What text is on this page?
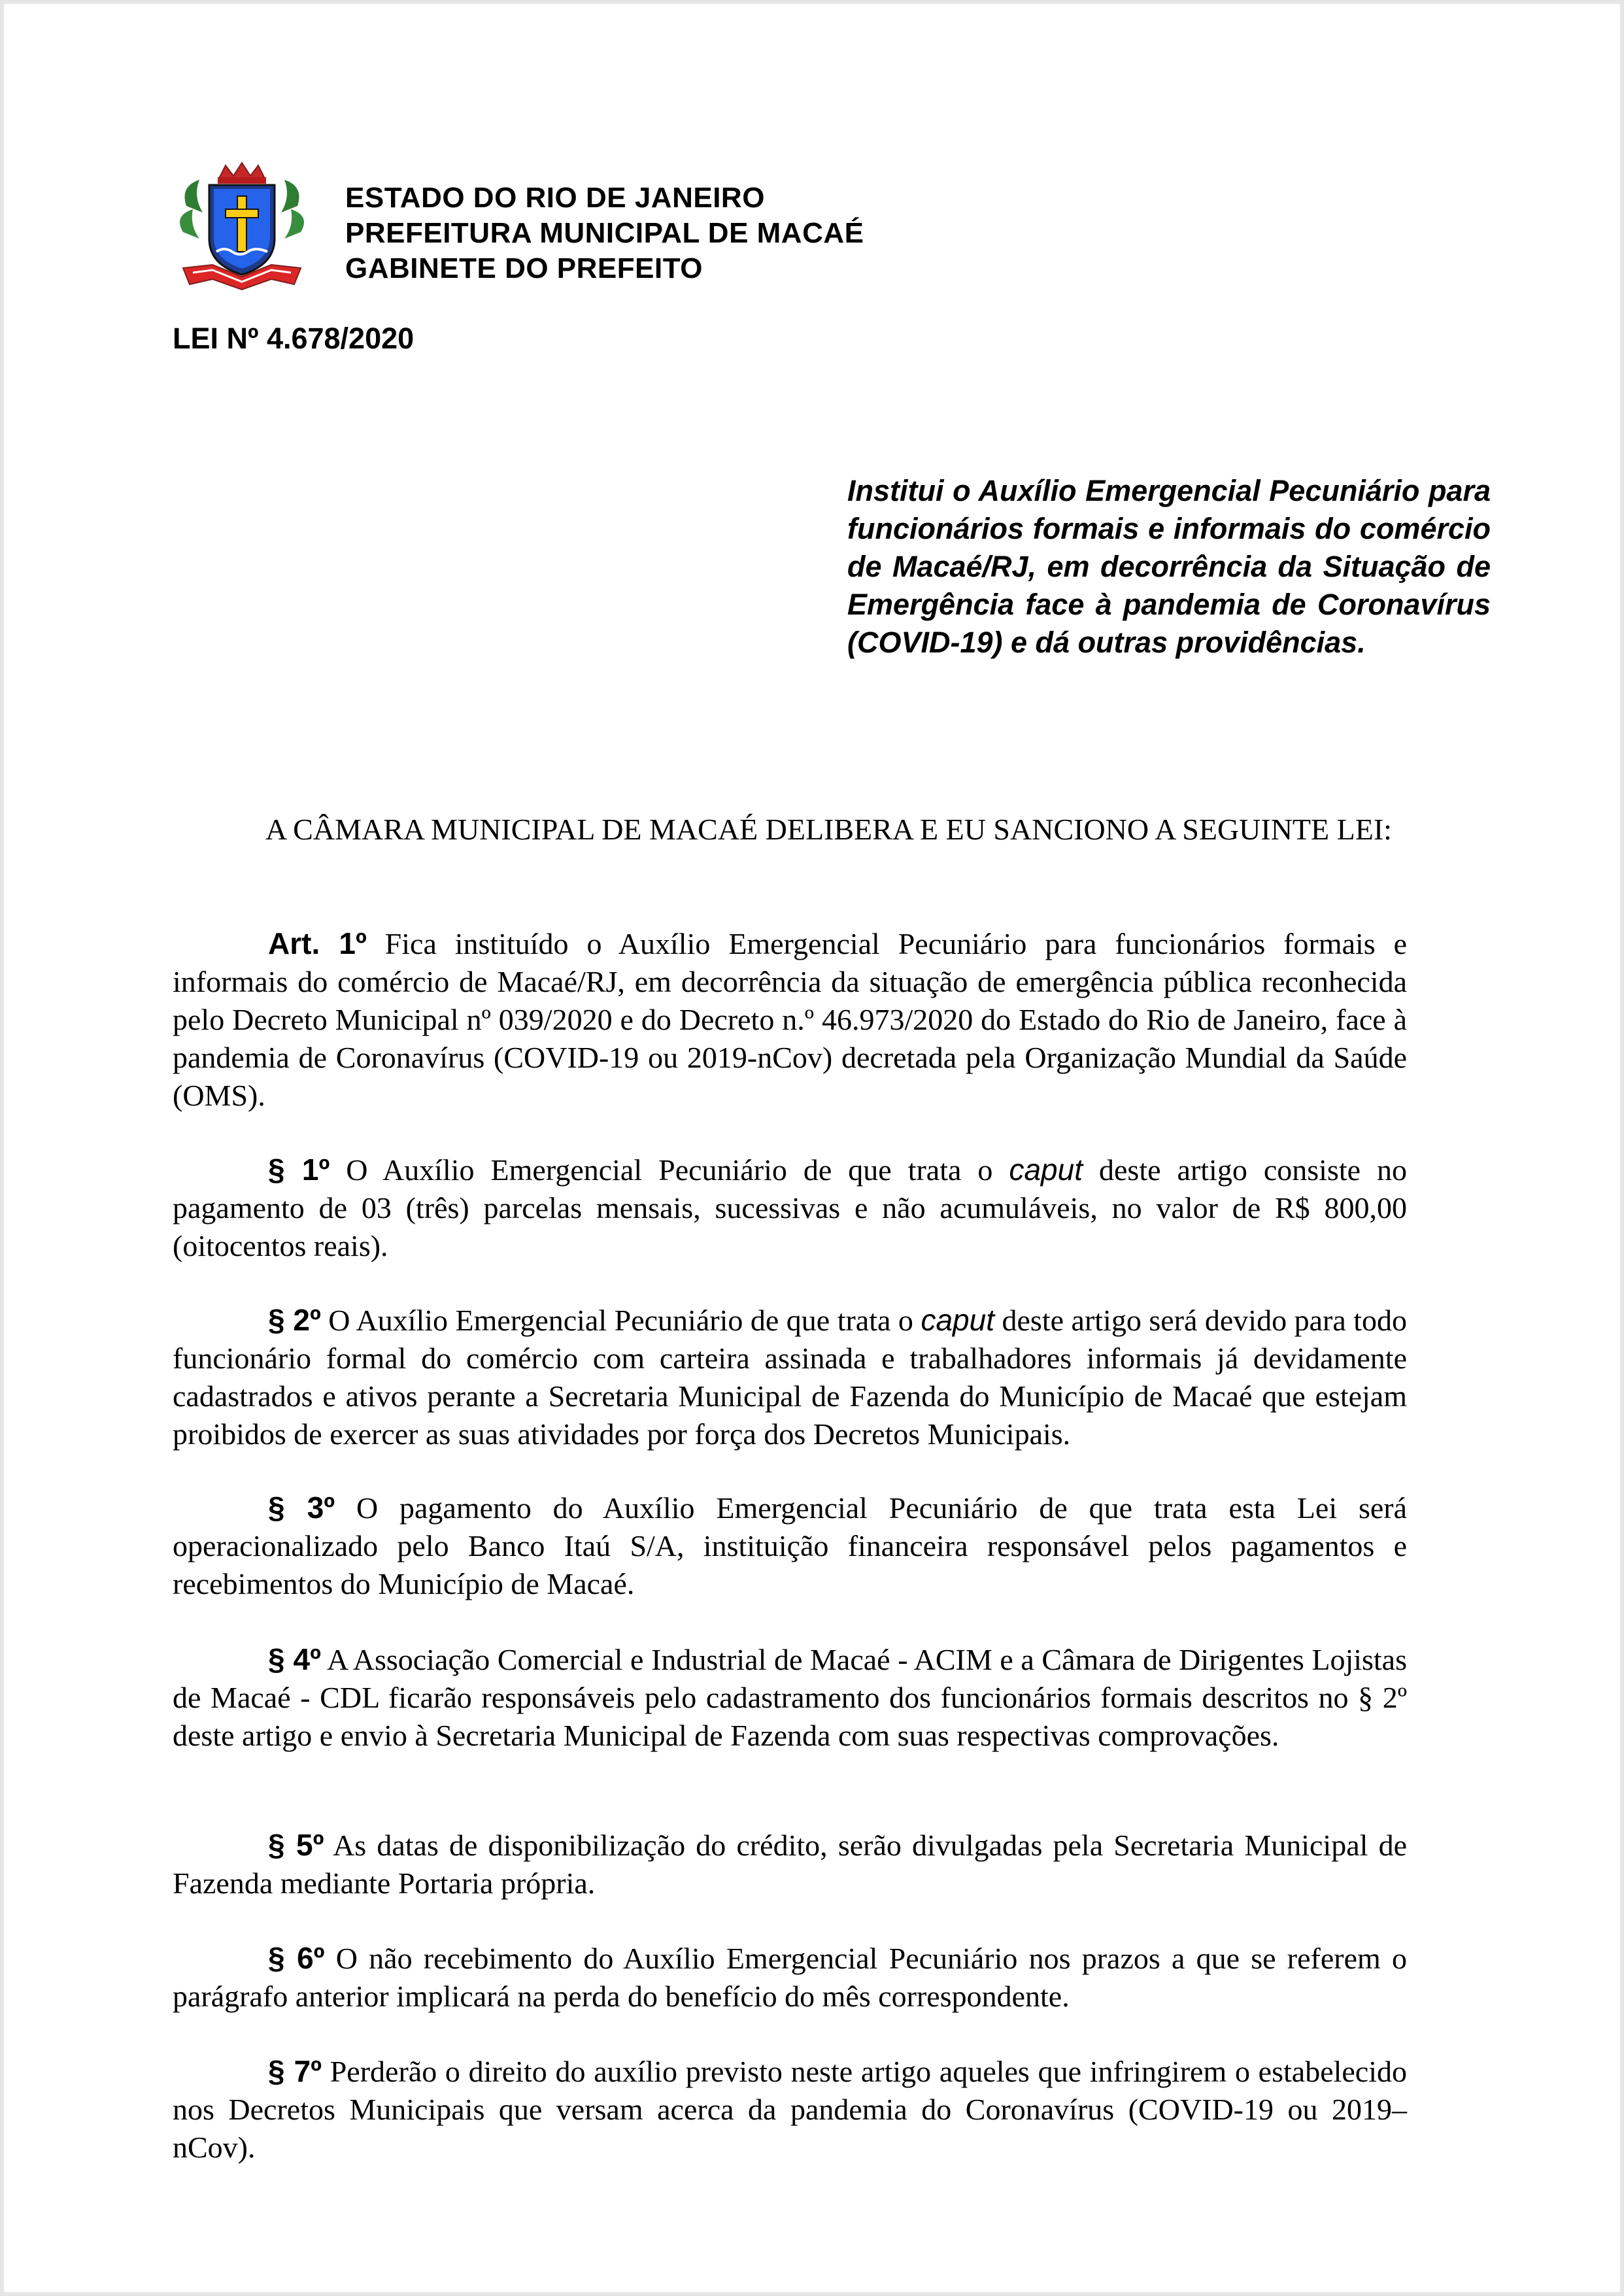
ESTADO DO RIO DE JANEIRO
PREFEITURA MUNICIPAL DE MACAÉ
GABINETE DO PREFEITO
LEI Nº 4.678/2020
Institui o Auxílio Emergencial Pecuniário para funcionários formais e informais do comércio de Macaé/RJ, em decorrência da Situação de Emergência face à pandemia de Coronavírus (COVID-19) e dá outras providências.
A CÂMARA MUNICIPAL DE MACAÉ DELIBERA E EU SANCIONO A SEGUINTE LEI:
Art. 1º Fica instituído o Auxílio Emergencial Pecuniário para funcionários formais e informais do comércio de Macaé/RJ, em decorrência da situação de emergência pública reconhecida pelo Decreto Municipal nº 039/2020 e do Decreto n.º 46.973/2020 do Estado do Rio de Janeiro, face à pandemia de Coronavírus (COVID-19 ou 2019-nCov) decretada pela Organização Mundial da Saúde (OMS).
§ 1º O Auxílio Emergencial Pecuniário de que trata o caput deste artigo consiste no pagamento de 03 (três) parcelas mensais, sucessivas e não acumuláveis, no valor de R$ 800,00 (oitocentos reais).
§ 2º O Auxílio Emergencial Pecuniário de que trata o caput deste artigo será devido para todo funcionário formal do comércio com carteira assinada e trabalhadores informais já devidamente cadastrados e ativos perante a Secretaria Municipal de Fazenda do Município de Macaé que estejam proibidos de exercer as suas atividades por força dos Decretos Municipais.
§ 3º O pagamento do Auxílio Emergencial Pecuniário de que trata esta Lei será operacionalizado pelo Banco Itaú S/A, instituição financeira responsável pelos pagamentos e recebimentos do Município de Macaé.
§ 4º A Associação Comercial e Industrial de Macaé - ACIM e a Câmara de Dirigentes Lojistas de Macaé - CDL ficarão responsáveis pelo cadastramento dos funcionários formais descritos no § 2º deste artigo e envio à Secretaria Municipal de Fazenda com suas respectivas comprovações.
§ 5º As datas de disponibilização do crédito, serão divulgadas pela Secretaria Municipal de Fazenda mediante Portaria própria.
§ 6º O não recebimento do Auxílio Emergencial Pecuniário nos prazos a que se referem o parágrafo anterior implicará na perda do benefício do mês correspondente.
§ 7º Perderão o direito do auxílio previsto neste artigo aqueles que infringirem o estabelecido nos Decretos Municipais que versam acerca da pandemia do Coronavírus (COVID-19 ou 2019–nCov).
